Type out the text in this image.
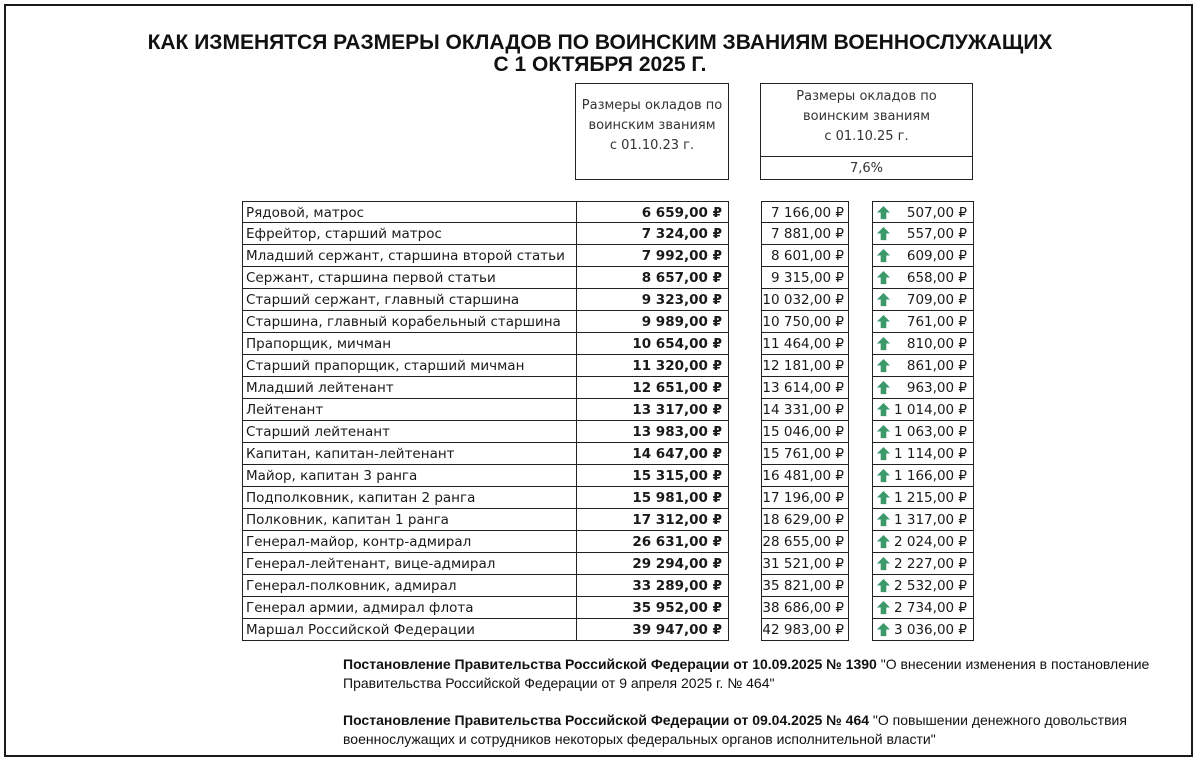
КАК ИЗМЕНЯТСЯ РАЗМЕРЫ ОКЛАДОВ ПО ВОИНСКИМ ЗВАНИЯМ ВОЕННОСЛУЖАЩИХ
С 1 ОКТЯБРЯ 2025 Г.
Размеры окладов по
воинским званиям
с 01.10.23 г.
Размеры окладов по
воинским званиям
с 01.10.25 г.
7,6%
Рядовой, матрос	6 659,00 ₽	7 166,00 ₽	507,00 ₽
Ефрейтор, старший матрос	7 324,00 ₽	7 881,00 ₽	557,00 ₽
Младший сержант, старшина второй статьи	7 992,00 ₽	8 601,00 ₽	609,00 ₽
Сержант, старшина первой статьи	8 657,00 ₽	9 315,00 ₽	658,00 ₽
Старший сержант, главный старшина	9 323,00 ₽	10 032,00 ₽	709,00 ₽
Старшина, главный корабельный старшина	9 989,00 ₽	10 750,00 ₽	761,00 ₽
Прапорщик, мичман	10 654,00 ₽	11 464,00 ₽	810,00 ₽
Старший прапорщик, старший мичман	11 320,00 ₽	12 181,00 ₽	861,00 ₽
Младший лейтенант	12 651,00 ₽	13 614,00 ₽	963,00 ₽
Лейтенант	13 317,00 ₽	14 331,00 ₽	1 014,00 ₽
Старший лейтенант	13 983,00 ₽	15 046,00 ₽	1 063,00 ₽
Капитан, капитан-лейтенант	14 647,00 ₽	15 761,00 ₽	1 114,00 ₽
Майор, капитан 3 ранга	15 315,00 ₽	16 481,00 ₽	1 166,00 ₽
Подполковник, капитан 2 ранга	15 981,00 ₽	17 196,00 ₽	1 215,00 ₽
Полковник, капитан 1 ранга	17 312,00 ₽	18 629,00 ₽	1 317,00 ₽
Генерал-майор, контр-адмирал	26 631,00 ₽	28 655,00 ₽	2 024,00 ₽
Генерал-лейтенант, вице-адмирал	29 294,00 ₽	31 521,00 ₽	2 227,00 ₽
Генерал-полковник, адмирал	33 289,00 ₽	35 821,00 ₽	2 532,00 ₽
Генерал армии, адмирал флота	35 952,00 ₽	38 686,00 ₽	2 734,00 ₽
Маршал Российской Федерации	39 947,00 ₽	42 983,00 ₽	3 036,00 ₽
Постановление Правительства Российской Федерации от 10.09.2025 № 1390 "О внесении изменения в постановление Правительства Российской Федерации от 9 апреля 2025 г. № 464"
Постановление Правительства Российской Федерации от 09.04.2025 № 464 "О повышении денежного довольствия военнослужащих и сотрудников некоторых федеральных органов исполнительной власти"
